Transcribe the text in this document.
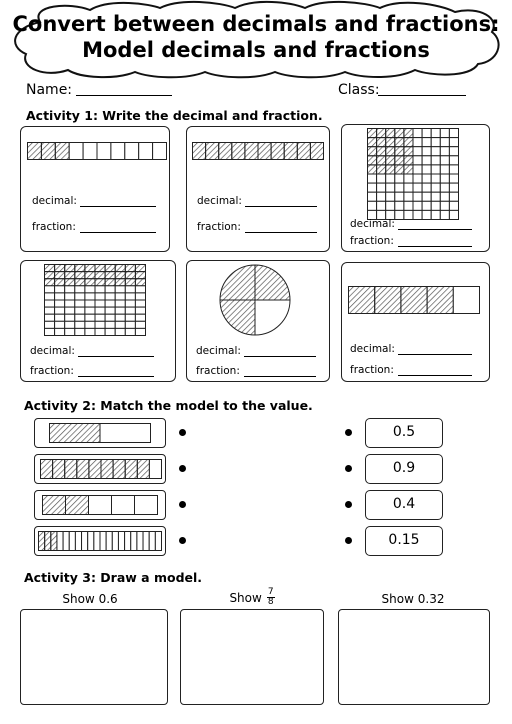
Convert between decimals and fractions:
Model decimals and fractions
Name:	Class:
Activity 1: Write the decimal and fraction.
decimal:
fraction:
decimal:
fraction:	decimal:
fraction:
decimal:
fraction:
decimal:
fraction:
decimal:
fraction:
Activity 2: Match the model to the value.
0.5
0.9
0.4
0.15
Activity 3: Draw a model.
Show 0.6	Show $\frac{7}{8}$	Show 0.32
